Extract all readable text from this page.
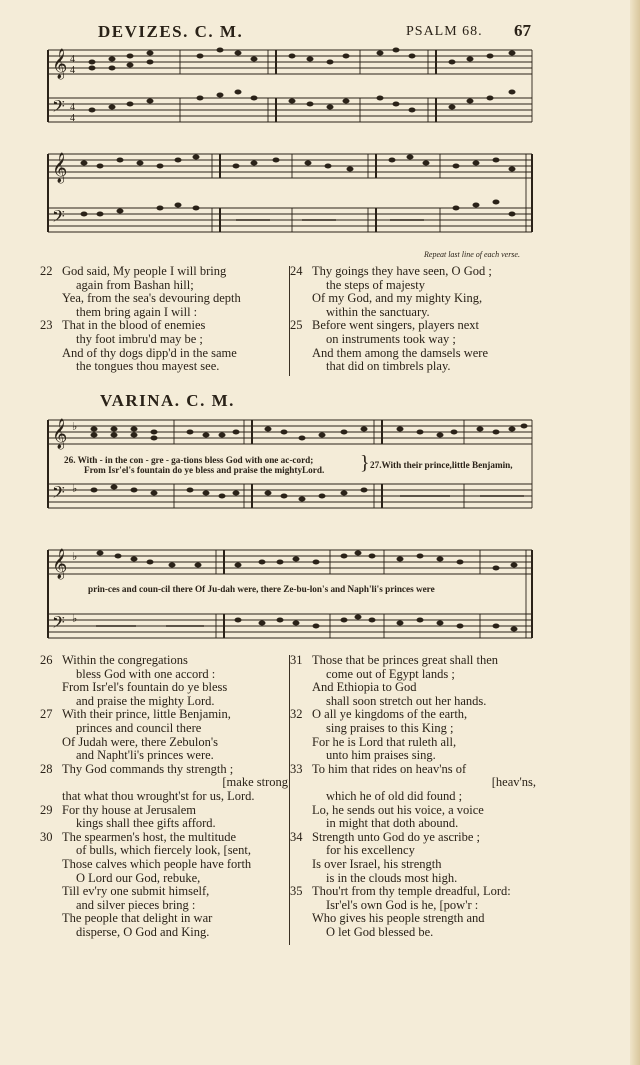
DEVIZES. C. M.	PSALM 68. 67
𝄞
𝄢
4
4
4
4
𝄞
𝄢
Repeat last line of each verse.
22 God said, My people I will bring
again from Bashan hill;
Yea, from the sea's devouring depth
them bring again I will :
23 That in the blood of enemies
thy foot imbru'd may be ;
And of thy dogs dipp'd in the same
the tongues thou mayest see.
24 Thy goings they have seen, O God ;
the steps of majesty
Of my God, and my mighty King,
within the sanctuary.
25 Before went singers, players next
on instruments took way ;
And them among the damsels were
that did on timbrels play.
VARINA. C. M.
𝄞
𝄢
♭
♭
26. With - in the con - gre - ga-tions bless God with one ac-cord;
From Isr'el's fountain do ye bless and praise the mightyLord. } 27.With their prince,little Benjamin,
𝄞
𝄢
♭
♭
prin-ces and coun-cil there Of Ju-dah were, there Ze-bu-lon's and Naph'li's princes were
26 Within the congregations
bless God with one accord :
From Isr'el's fountain do ye bless
and praise the mighty Lord.
27 With their prince, little Benjamin,
princes and council there
Of Judah were, there Zebulon's
and Napht'li's princes were.
28 Thy God commands thy strength ;
[make strong
that what thou wrought'st for us, Lord.
29 For thy house at Jerusalem
kings shall thee gifts afford.
30 The spearmen's host, the multitude
of bulls, which fiercely look, [sent,
Those calves which people have forth
O Lord our God, rebuke,
Till ev'ry one submit himself,
and silver pieces bring :
The people that delight in war
disperse, O God and King.
31 Those that be princes great shall then
come out of Egypt lands ;
And Ethiopia to God
shall soon stretch out her hands.
32 O all ye kingdoms of the earth,
sing praises to this King ;
For he is Lord that ruleth all,
unto him praises sing.
33 To him that rides on heav'ns of
[heav'ns,
which he of old did found ;
Lo, he sends out his voice, a voice
in might that doth abound.
34 Strength unto God do ye ascribe ;
for his excellency
Is over Israel, his strength
is in the clouds most high.
35 Thou'rt from thy temple dreadful, Lord:
Isr'el's own God is he, [pow'r :
Who gives his people strength and
O let God blessed be.
